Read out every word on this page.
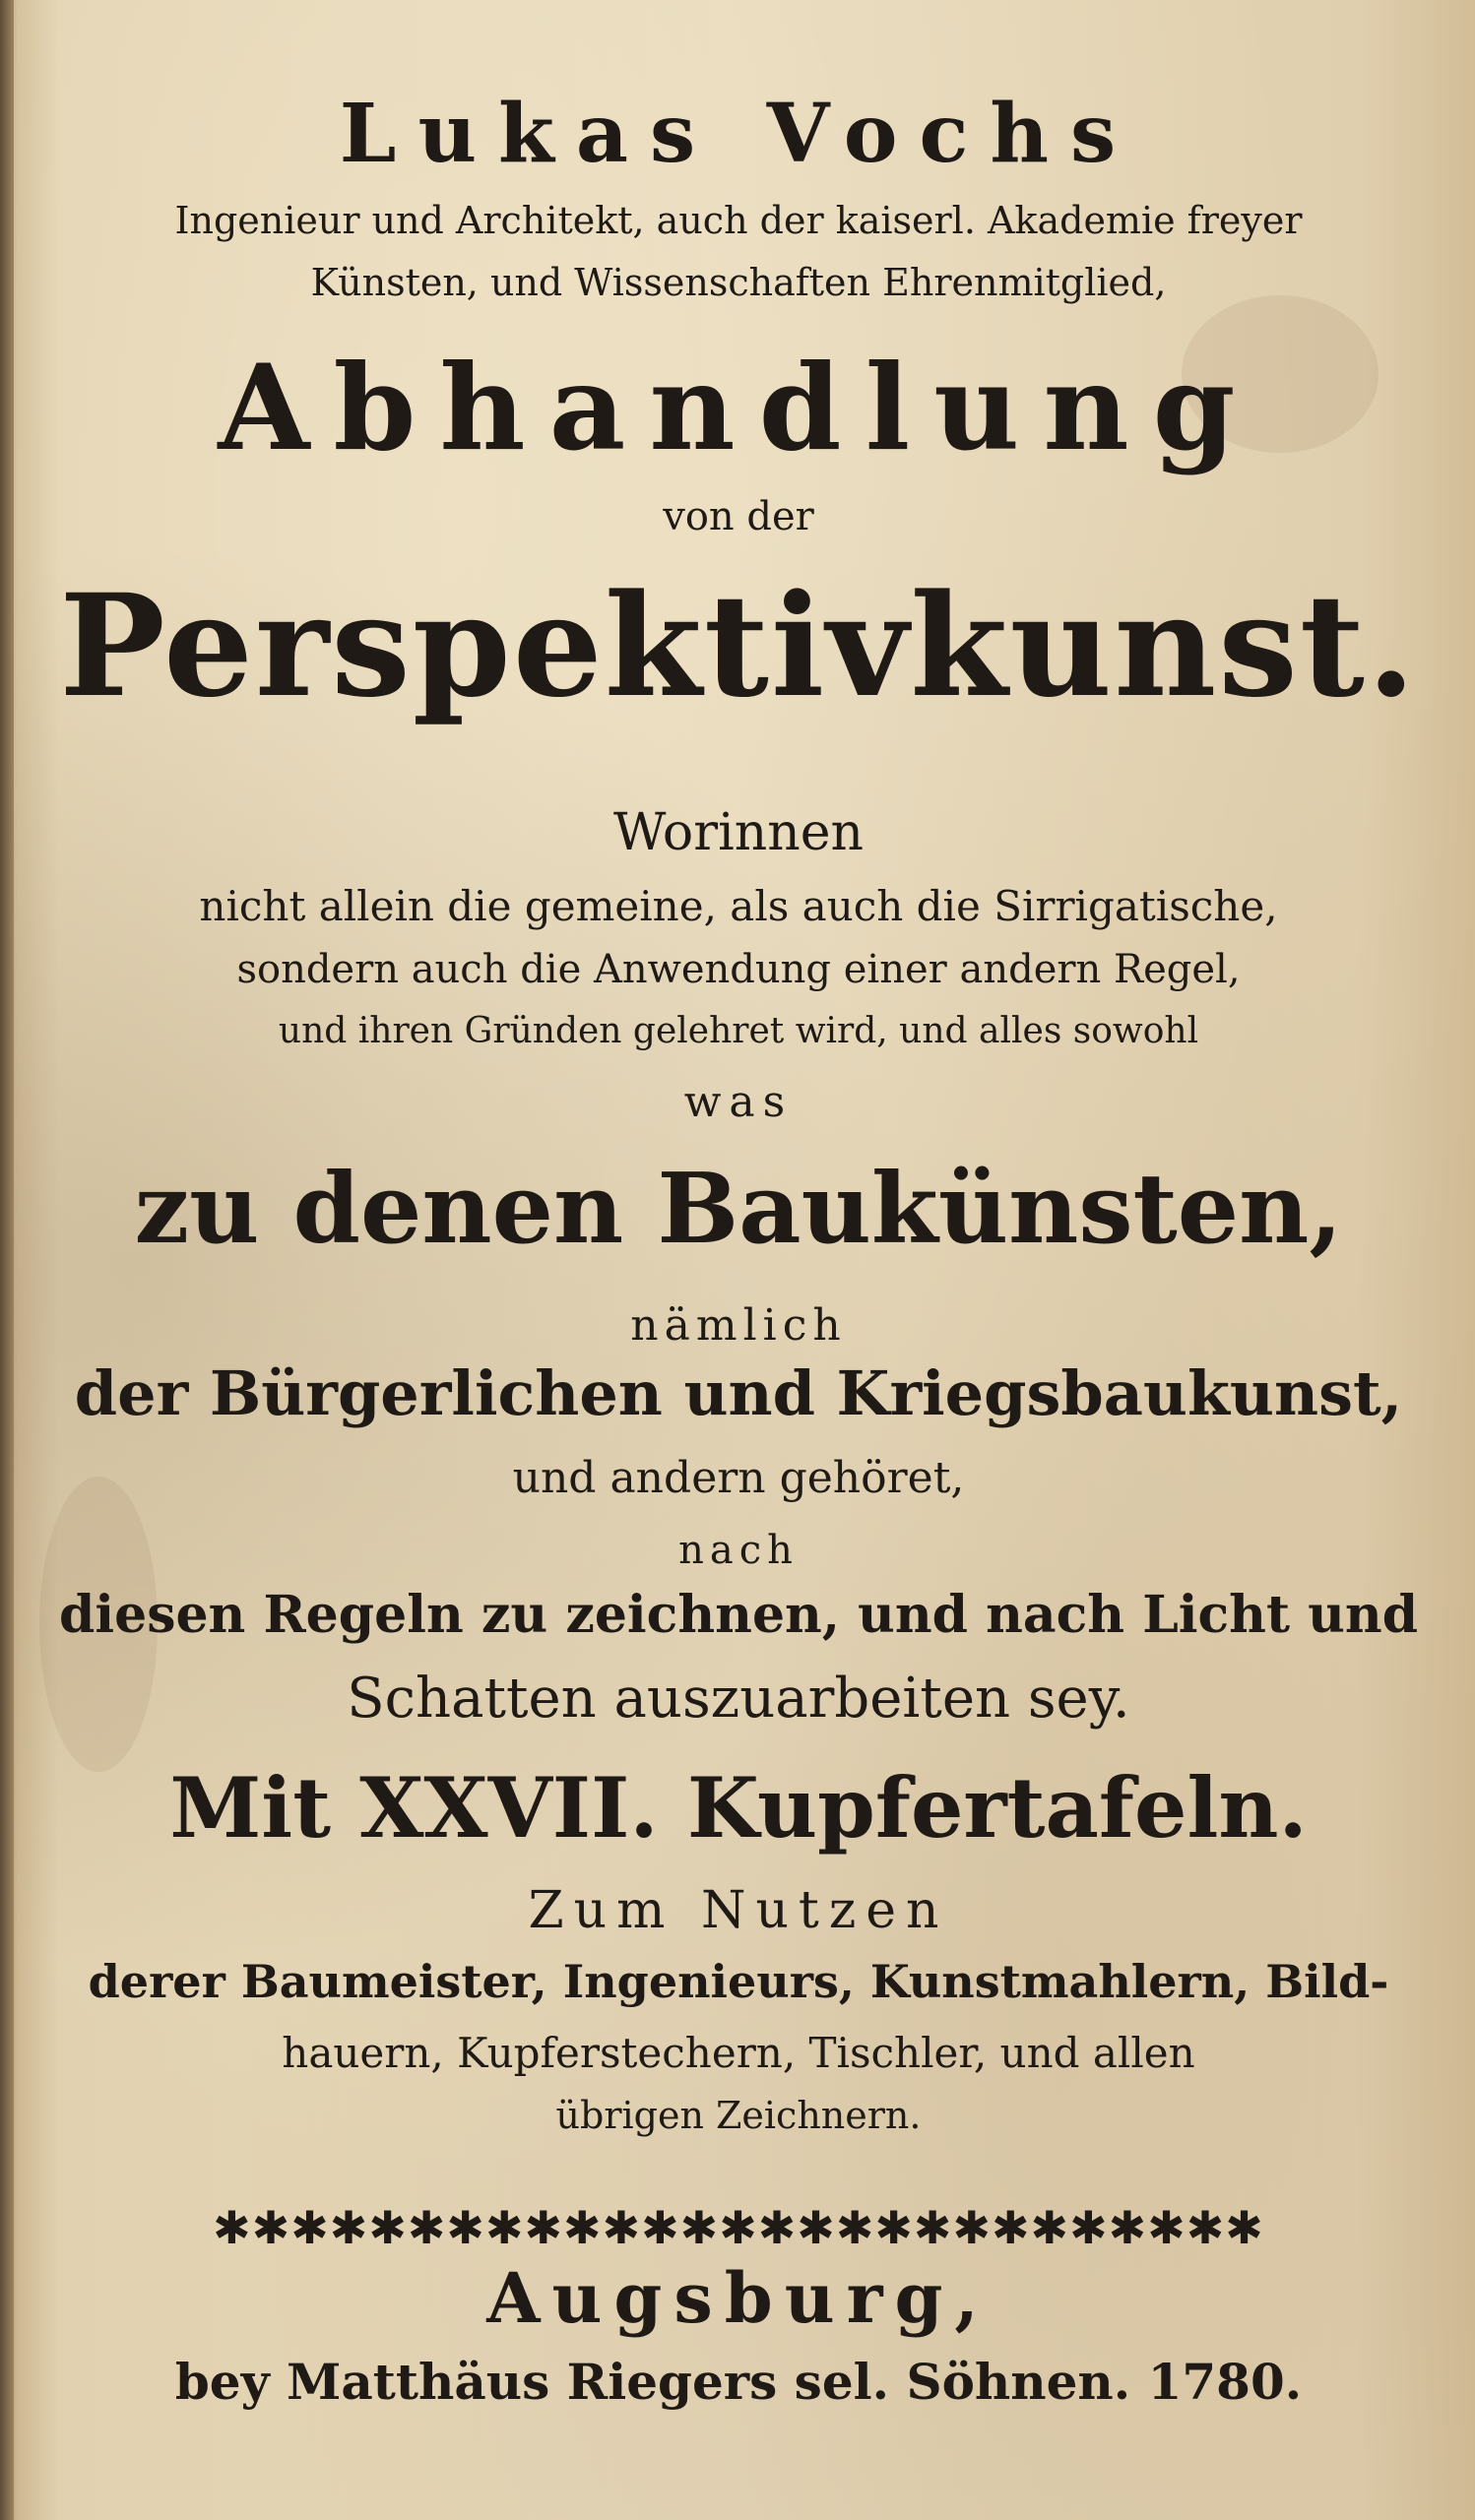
Lukas Vochs
Ingenieur und Architekt, auch der kaiserl. Akademie freyer
Künsten, und Wissenschaften Ehrenmitglied,
Abhandlung
von der
Perspektivkunst.
Worinnen
nicht allein die gemeine, als auch die Sirrigatische,
sondern auch die Anwendung einer andern Regel,
und ihren Gründen gelehret wird, und alles sowohl
was
zu denen Baukünsten,
nämlich
der Bürgerlichen und Kriegsbaukunst,
und andern gehöret,
nach
diesen Regeln zu zeichnen, und nach Licht und
Schatten auszuarbeiten sey.
Mit XXVII. Kupfertafeln.
Zum Nutzen
derer Baumeister, Ingenieurs, Kunstmahlern, Bild-
hauern, Kupferstechern, Tischler, und allen
übrigen Zeichnern.
✱✱✱✱✱✱✱✱✱✱✱✱✱✱✱✱✱✱✱✱✱✱✱✱✱✱✱
Augsburg,
bey Matthäus Riegers sel. Söhnen. 1780.
